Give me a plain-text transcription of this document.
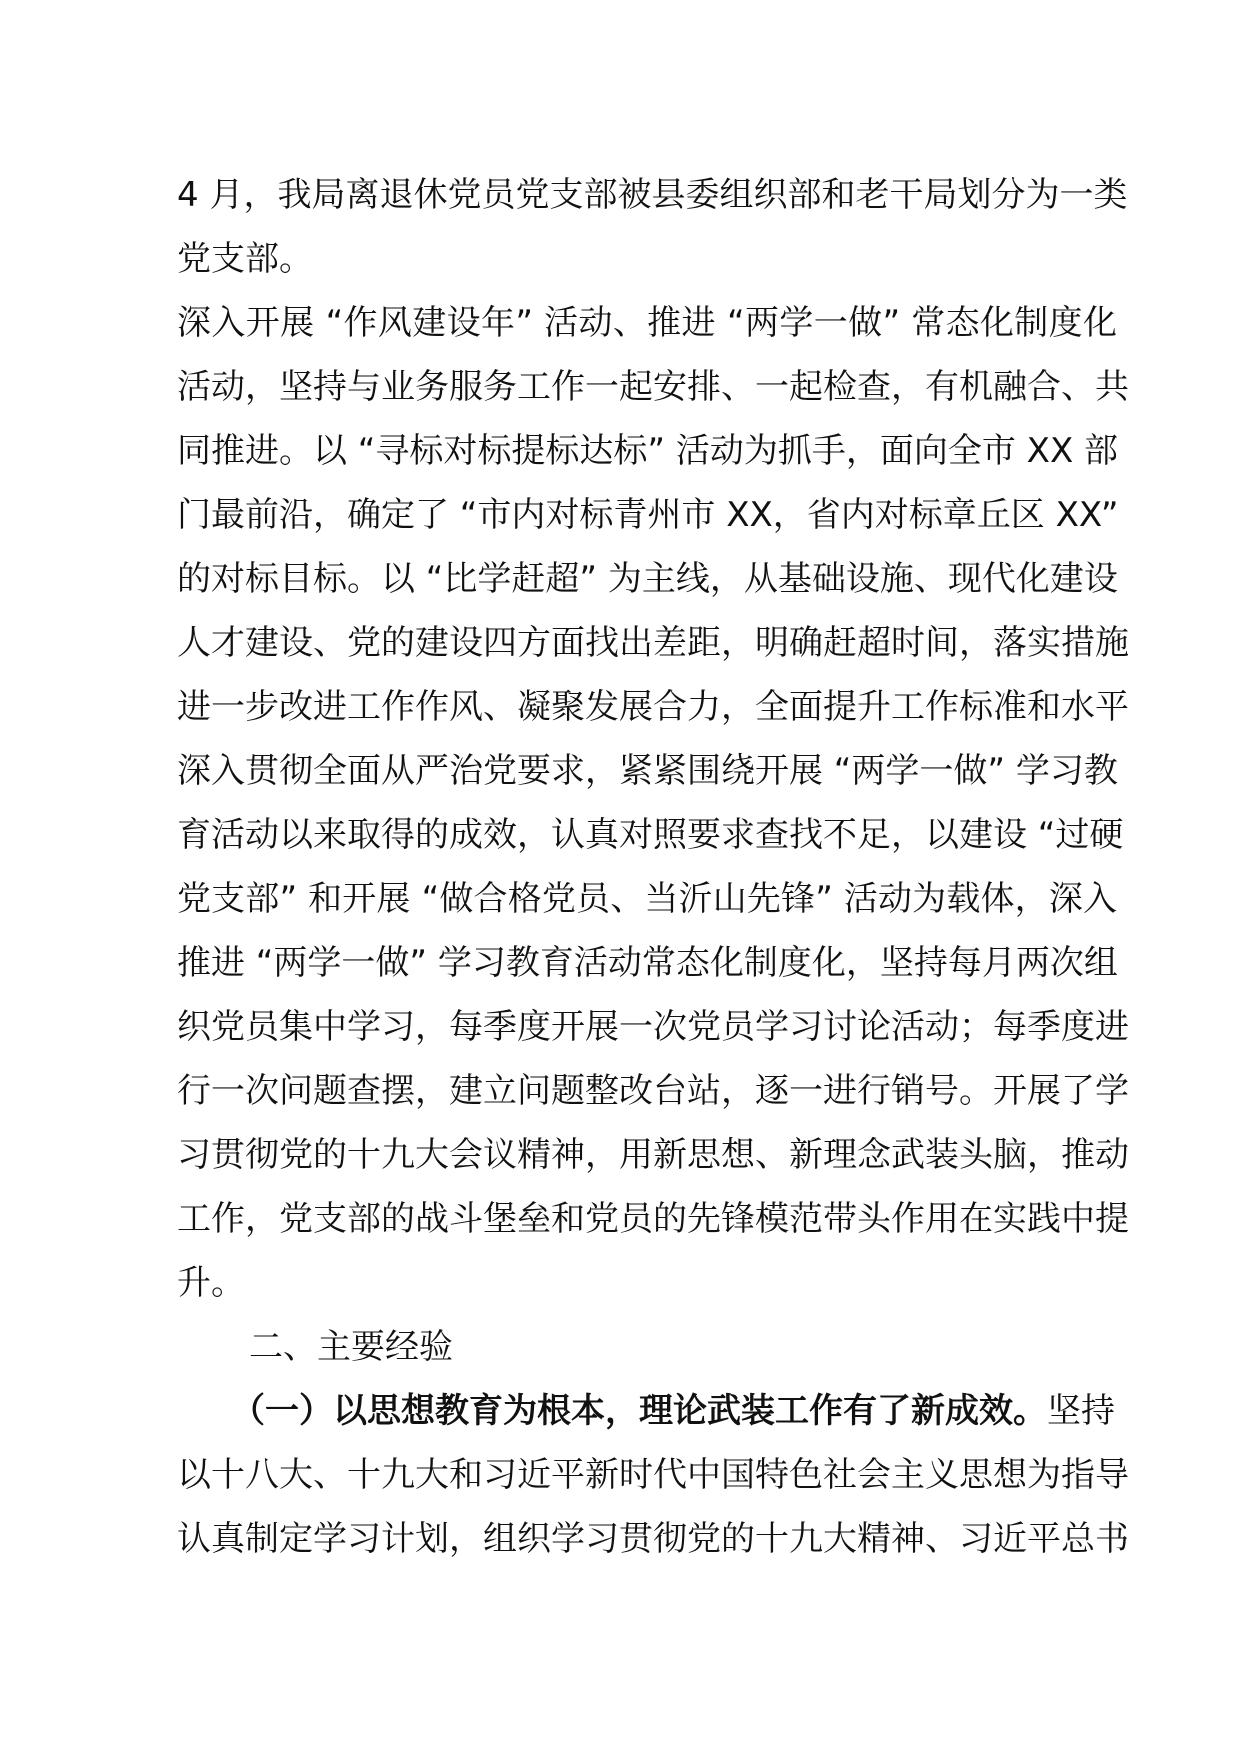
4 月，我局离退休党员党支部被县委组织部和老干局划分为一类
党支部。
深入开展 “作风建设年” 活动、推进 “两学一做” 常态化制度化
活动，坚持与业务服务工作一起安排、一起检查，有机融合、共
同推进。以 “寻标对标提标达标” 活动为抓手，面向全市 XX 部
门最前沿，确定了 “市内对标青州市 XX，省内对标章丘区 XX”
的对标目标。以 “比学赶超” 为主线，从基础设施、现代化建设
人才建设、党的建设四方面找出差距，明确赶超时间，落实措施
进一步改进工作作风、凝聚发展合力，全面提升工作标准和水平
深入贯彻全面从严治党要求，紧紧围绕开展 “两学一做” 学习教
育活动以来取得的成效，认真对照要求查找不足，以建设 “过硬
党支部” 和开展 “做合格党员、当沂山先锋” 活动为载体，深入
推进 “两学一做” 学习教育活动常态化制度化，坚持每月两次组
织党员集中学习，每季度开展一次党员学习讨论活动；每季度进
行一次问题查摆，建立问题整改台站，逐一进行销号。开展了学
习贯彻党的十九大会议精神，用新思想、新理念武装头脑，推动
工作，党支部的战斗堡垒和党员的先锋模范带头作用在实践中提
升。
二、主要经验
（一）以思想教育为根本，理论武装工作有了新成效。坚持
以十八大、十九大和习近平新时代中国特色社会主义思想为指导
认真制定学习计划，组织学习贯彻党的十九大精神、习近平总书
